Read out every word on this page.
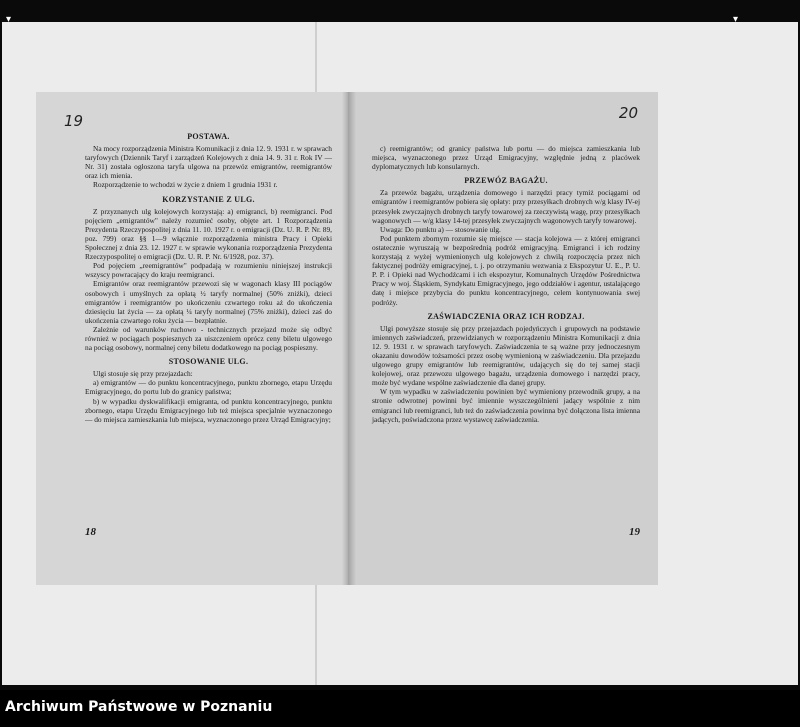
▾	▾
19
POSTAWA.

Na mocy rozporządzenia Ministra Komunikacji z dnia 12. 9. 1931 r. w sprawach taryfowych (Dziennik Taryf i zarządzeń Kolejowych z dnia 14. 9. 31 r. Rok IV — Nr. 31) została ogłoszona taryfa ulgowa na przewóz emigrantów, reemigrantów oraz ich mienia.

Rozporządzenie to wchodzi w życie z dniem 1 grudnia 1931 r.

KORZYSTANIE Z ULG.

Z przyznanych ulg kolejowych korzystają: a) emigranci, b) reemigranci. Pod pojęciem „emigrantów" należy rozumieć osoby, objęte art. 1 Rozporządzenia Prezydenta Rzeczypospolitej z dnia 11. 10. 1927 r. o emigracji (Dz. U. R. P. Nr. 89, poz. 799) oraz §§ 1—9 włącznie rozporządzenia ministra Pracy i Opieki Społecznej z dnia 23. 12. 1927 r. w sprawie wykonania rozporządzenia Prezydenta Rzeczypospolitej o emigracji (Dz. U. R. P. Nr. 6/1928, poz. 37).

Pod pojęciem „reemigrantów" podpadają w rozumieniu niniejszej instrukcji wszyscy powracający do kraju reemigranci.

Emigrantów oraz reemigrantów przewozi się w wagonach klasy III pociągów osobowych i umyślnych za opłatą ½ taryfy normalnej (50% zniżki), dzieci emigrantów i reemigrantów po ukończeniu czwartego roku aż do ukończenia dziesięciu lat życia — za opłatą ¼ taryfy normalnej (75% zniżki), dzieci zaś do ukończenia czwartego roku życia — bezpłatnie.

Zależnie od warunków ruchowo - technicznych przejazd może się odbyć również w pociągach pospiesznych za uiszczeniem oprócz ceny biletu ulgowego na pociąg osobowy, normalnej ceny biletu dodatkowego na pociąg pospieszny.

STOSOWANIE ULG.

Ulgi stosuje się przy przejazdach:

a) emigrantów — do punktu koncentracyjnego, punktu zbornego, etapu Urzędu Emigracyjnego, do portu lub do granicy państwa;

b) w wypadku dyskwalifikacji emigranta, od punktu koncentracyjnego, punktu zbornego, etapu Urzędu Emigracyjnego lub też miejsca specjalnie wyznaczonego — do miejsca zamieszkania lub miejsca, wyznaczonego przez Urząd Emigracyjny;

18
20

c) reemigrantów; od granicy państwa lub portu — do miejsca zamieszkania lub miejsca, wyznaczonego przez Urząd Emigracyjny, względnie jedną z placówek dyplomatycznych lub konsularnych.

PRZEWÓZ BAGAŻU.

Za przewóz bagażu, urządzenia domowego i narzędzi pracy tymiż pociągami od emigrantów i reemigrantów pobiera się opłaty: przy przesyłkach drobnych w/g klasy IV-ej przesyłek zwyczajnych drobnych taryfy towarowej za rzeczywistą wagę, przy przesyłkach wagonowych — w/g klasy 14-tej przesyłek zwyczajnych wagonowych taryfy towarowej.

Uwaga: Do punktu a) — stosowanie ulg.

Pod punktem zbornym rozumie się miejsce — stacja kolejowa — z której emigranci ostatecznie wyruszają w bezpośrednią podróż emigracyjną. Emigranci i ich rodziny korzystają z wyżej wymienionych ulg kolejowych z chwilą rozpoczęcia przez nich faktycznej podróży emigracyjnej, t. j. po otrzymaniu wezwania z Ekspozytur U. E., P. U. P. P. i Opieki nad Wychodźcami i ich ekspozytur, Komunalnych Urzędów Pośrednictwa Pracy w woj. Śląskiem, Syndykatu Emigracyjnego, jego oddziałów i agentur, ustalającego datę i miejsce przybycia do punktu koncentracyjnego, celem kontynuowania swej podróży.

ZAŚWIADCZENIA ORAZ ICH RODZAJ.

Ulgi powyższe stosuje się przy przejazdach pojedyńczych i grupowych na podstawie imiennych zaświadczeń, przewidzianych w rozporządzeniu Ministra Komunikacji z dnia 12. 9. 1931 r. w sprawach taryfowych. Zaświadczenia te są ważne przy jednoczesnym okazaniu dowodów tożsamości przez osobę wymienioną w zaświadczeniu. Dla przejazdu ulgowego grupy emigrantów lub reemigrantów, udających się do tej samej stacji kolejowej, oraz przewozu ulgowego bagażu, urządzenia domowego i narzędzi pracy, może być wydane wspólne zaświadczenie dla danej grupy.

W tym wypadku w zaświadczeniu powinien być wymieniony przewodnik grupy, a na stronie odwrotnej powinni być imiennie wyszczególnieni jadący wspólnie z nim emigranci lub reemigranci, lub też do zaświadczenia powinna być dołączona lista imienna jadących, poświadczona przez wystawcę zaświadczenia.

19
Archiwum Państwowe w Poznaniu
